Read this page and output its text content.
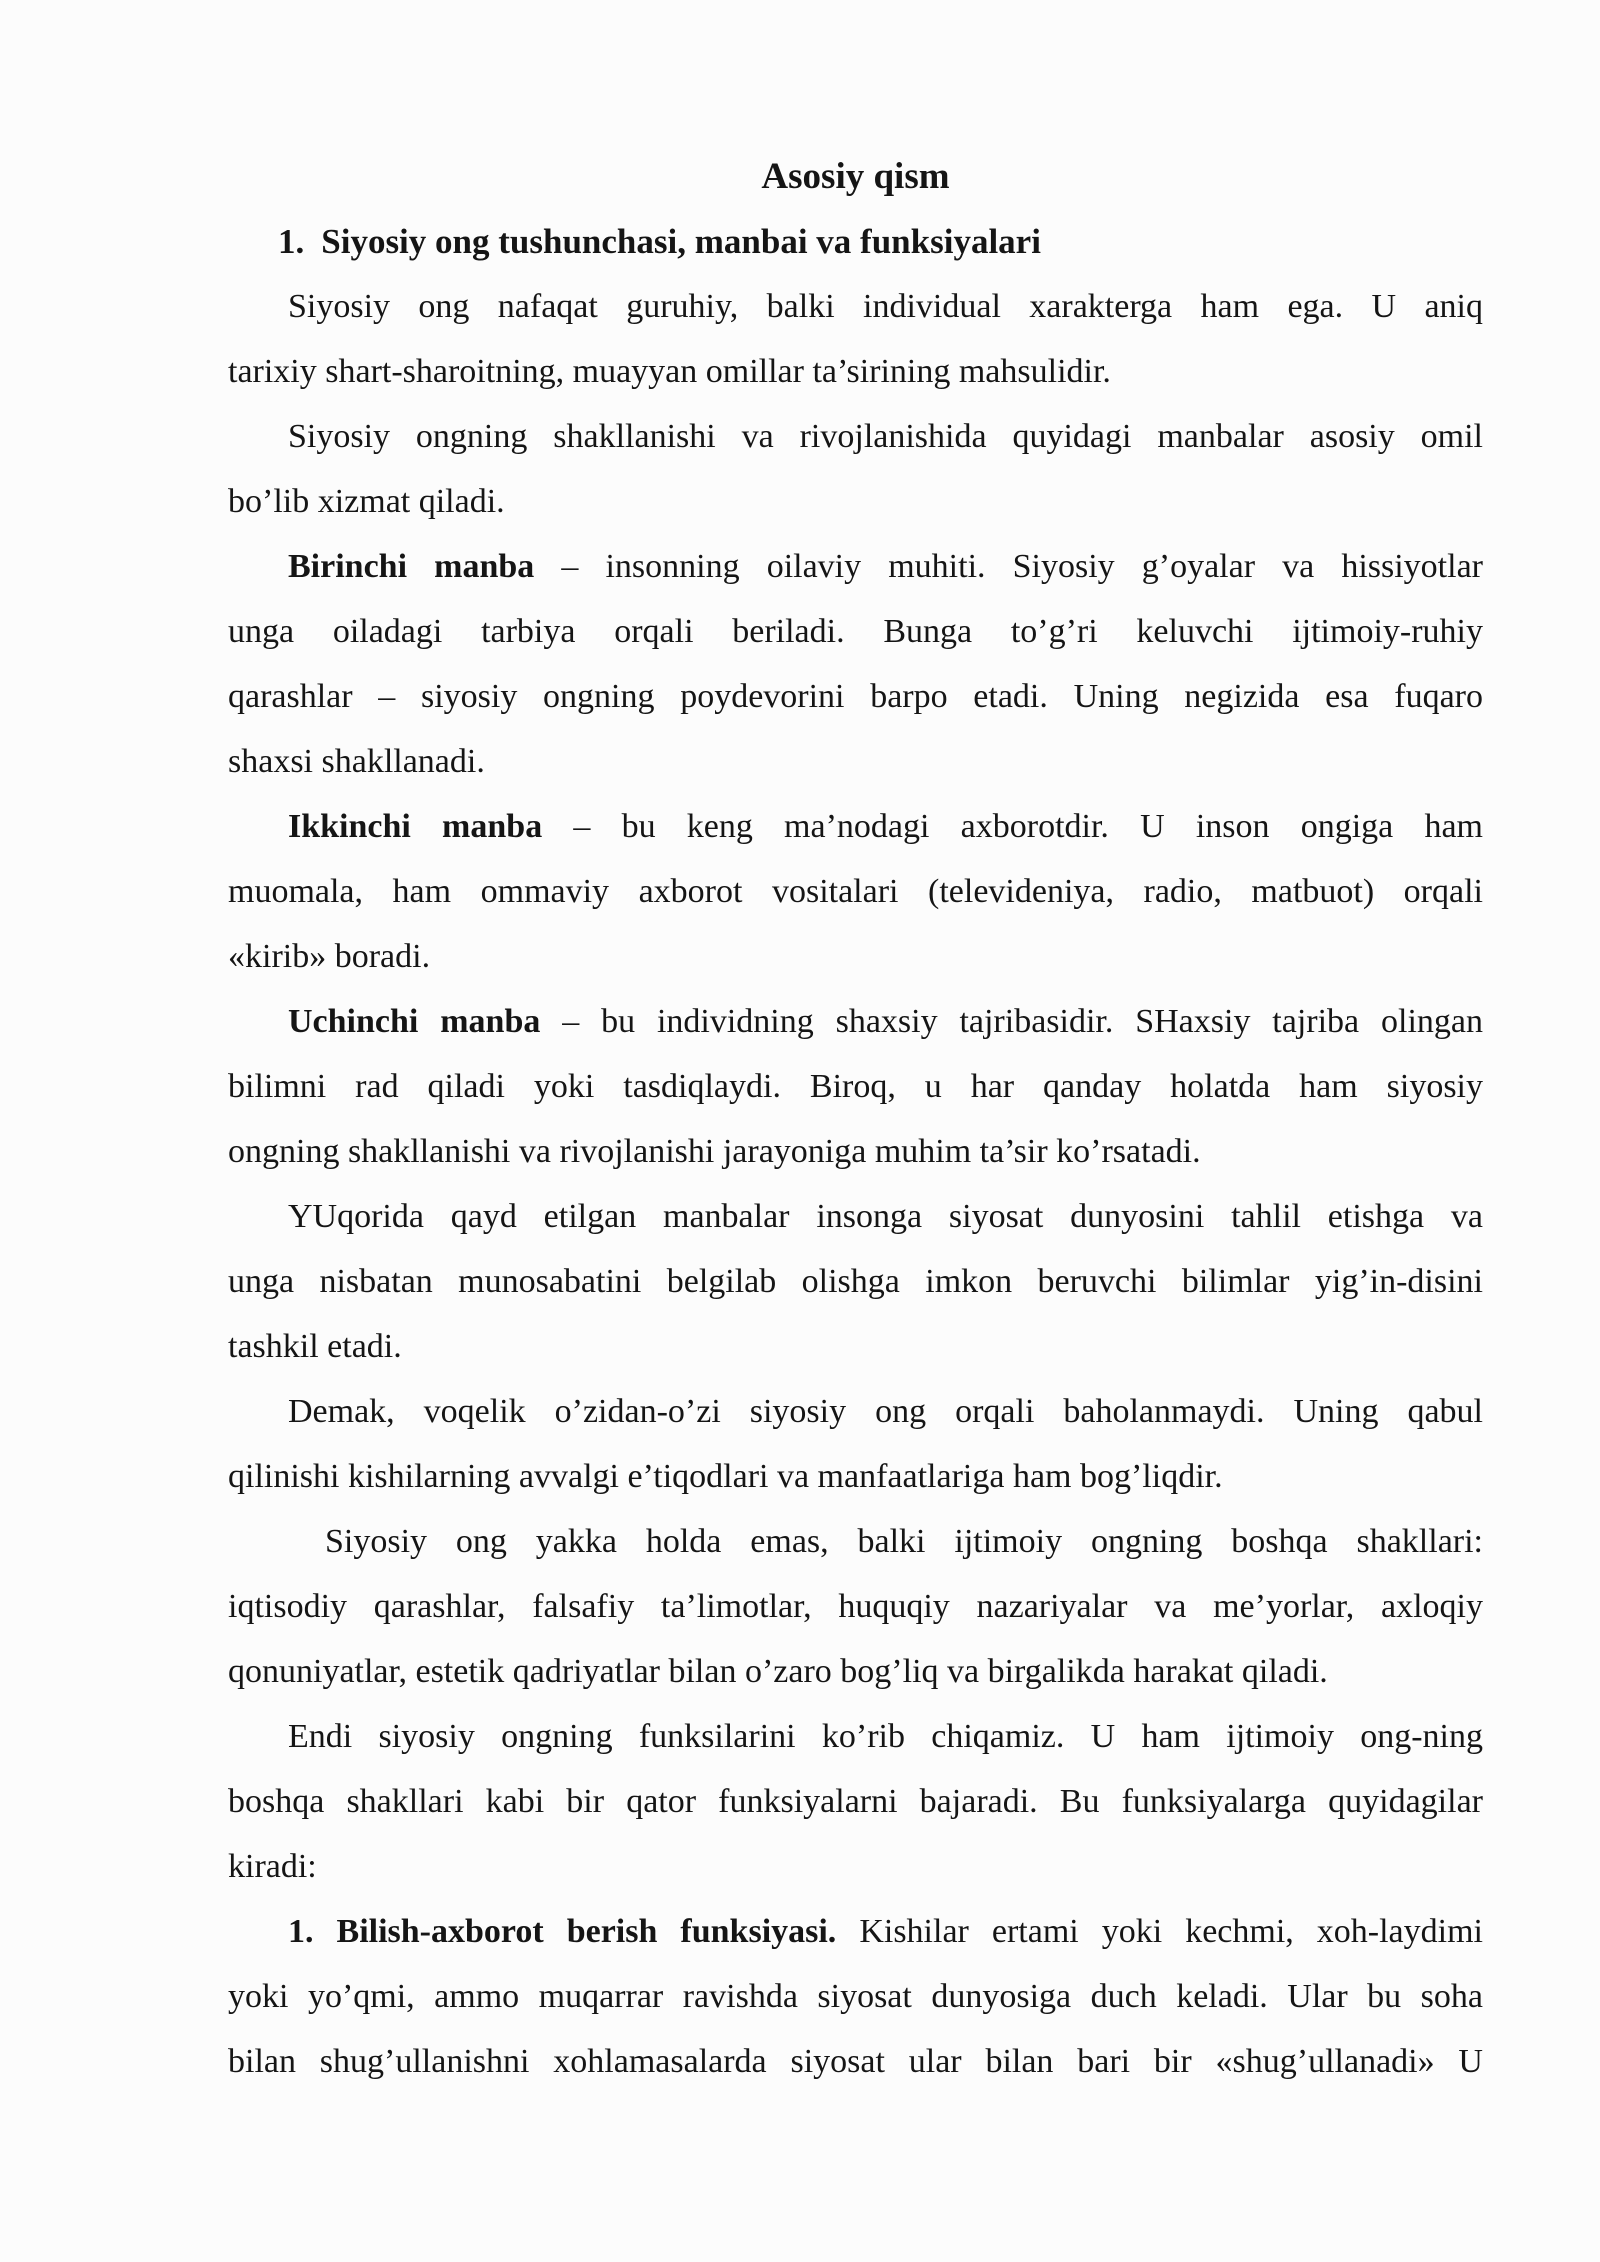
Asosiy qism
1. Siyosiy ong tushunchasi, manbai va funksiyalari
Siyosiy ong nafaqat guruhiy, balki individual xarakterga ham ega. U aniq
tarixiy shart-sharoitning, muayyan omillar ta’sirining mahsulidir.
Siyosiy ongning shakllanishi va rivojlanishida quyidagi manbalar asosiy omil
bo’lib xizmat qiladi.
Birinchi manba – insonning oilaviy muhiti. Siyosiy g’oyalar va hissiyotlar
unga oiladagi tarbiya orqali beriladi. Bunga to’g’ri keluvchi ijtimoiy-ruhiy
qarashlar – siyosiy ongning poydevorini barpo etadi. Uning negizida esa fuqaro
shaxsi shakllanadi.
Ikkinchi manba – bu keng ma’nodagi axborotdir. U inson ongiga ham
muomala, ham ommaviy axborot vositalari (televideniya, radio, matbuot) orqali
«kirib» boradi.
Uchinchi manba – bu individning shaxsiy tajribasidir. SHaxsiy tajriba olingan
bilimni rad qiladi yoki tasdiqlaydi. Biroq, u har qanday holatda ham siyosiy
ongning shakllanishi va rivojlanishi jarayoniga muhim ta’sir ko’rsatadi.
YUqorida qayd etilgan manbalar insonga siyosat dunyosini tahlil etishga va
unga nisbatan munosabatini belgilab olishga imkon beruvchi bilimlar yig’in-disini
tashkil etadi.
Demak, voqelik o’zidan-o’zi siyosiy ong orqali baholanmaydi. Uning qabul
qilinishi kishilarning avvalgi e’tiqodlari va manfaatlariga ham bog’liqdir.
Siyosiy ong yakka holda emas, balki ijtimoiy ongning boshqa shakllari:
iqtisodiy qarashlar, falsafiy ta’limotlar, huquqiy nazariyalar va me’yorlar, axloqiy
qonuniyatlar, estetik qadriyatlar bilan o’zaro bog’liq va birgalikda harakat qiladi.
Endi siyosiy ongning funksilarini ko’rib chiqamiz. U ham ijtimoiy ong-ning
boshqa shakllari kabi bir qator funksiyalarni bajaradi. Bu funksiyalarga quyidagilar
kiradi:
1. Bilish-axborot berish funksiyasi. Kishilar ertami yoki kechmi, xoh-laydimi
yoki yo’qmi, ammo muqarrar ravishda siyosat dunyosiga duch keladi. Ular bu soha
bilan shug’ullanishni xohlamasalarda siyosat ular bilan bari bir «shug’ullanadi» U
